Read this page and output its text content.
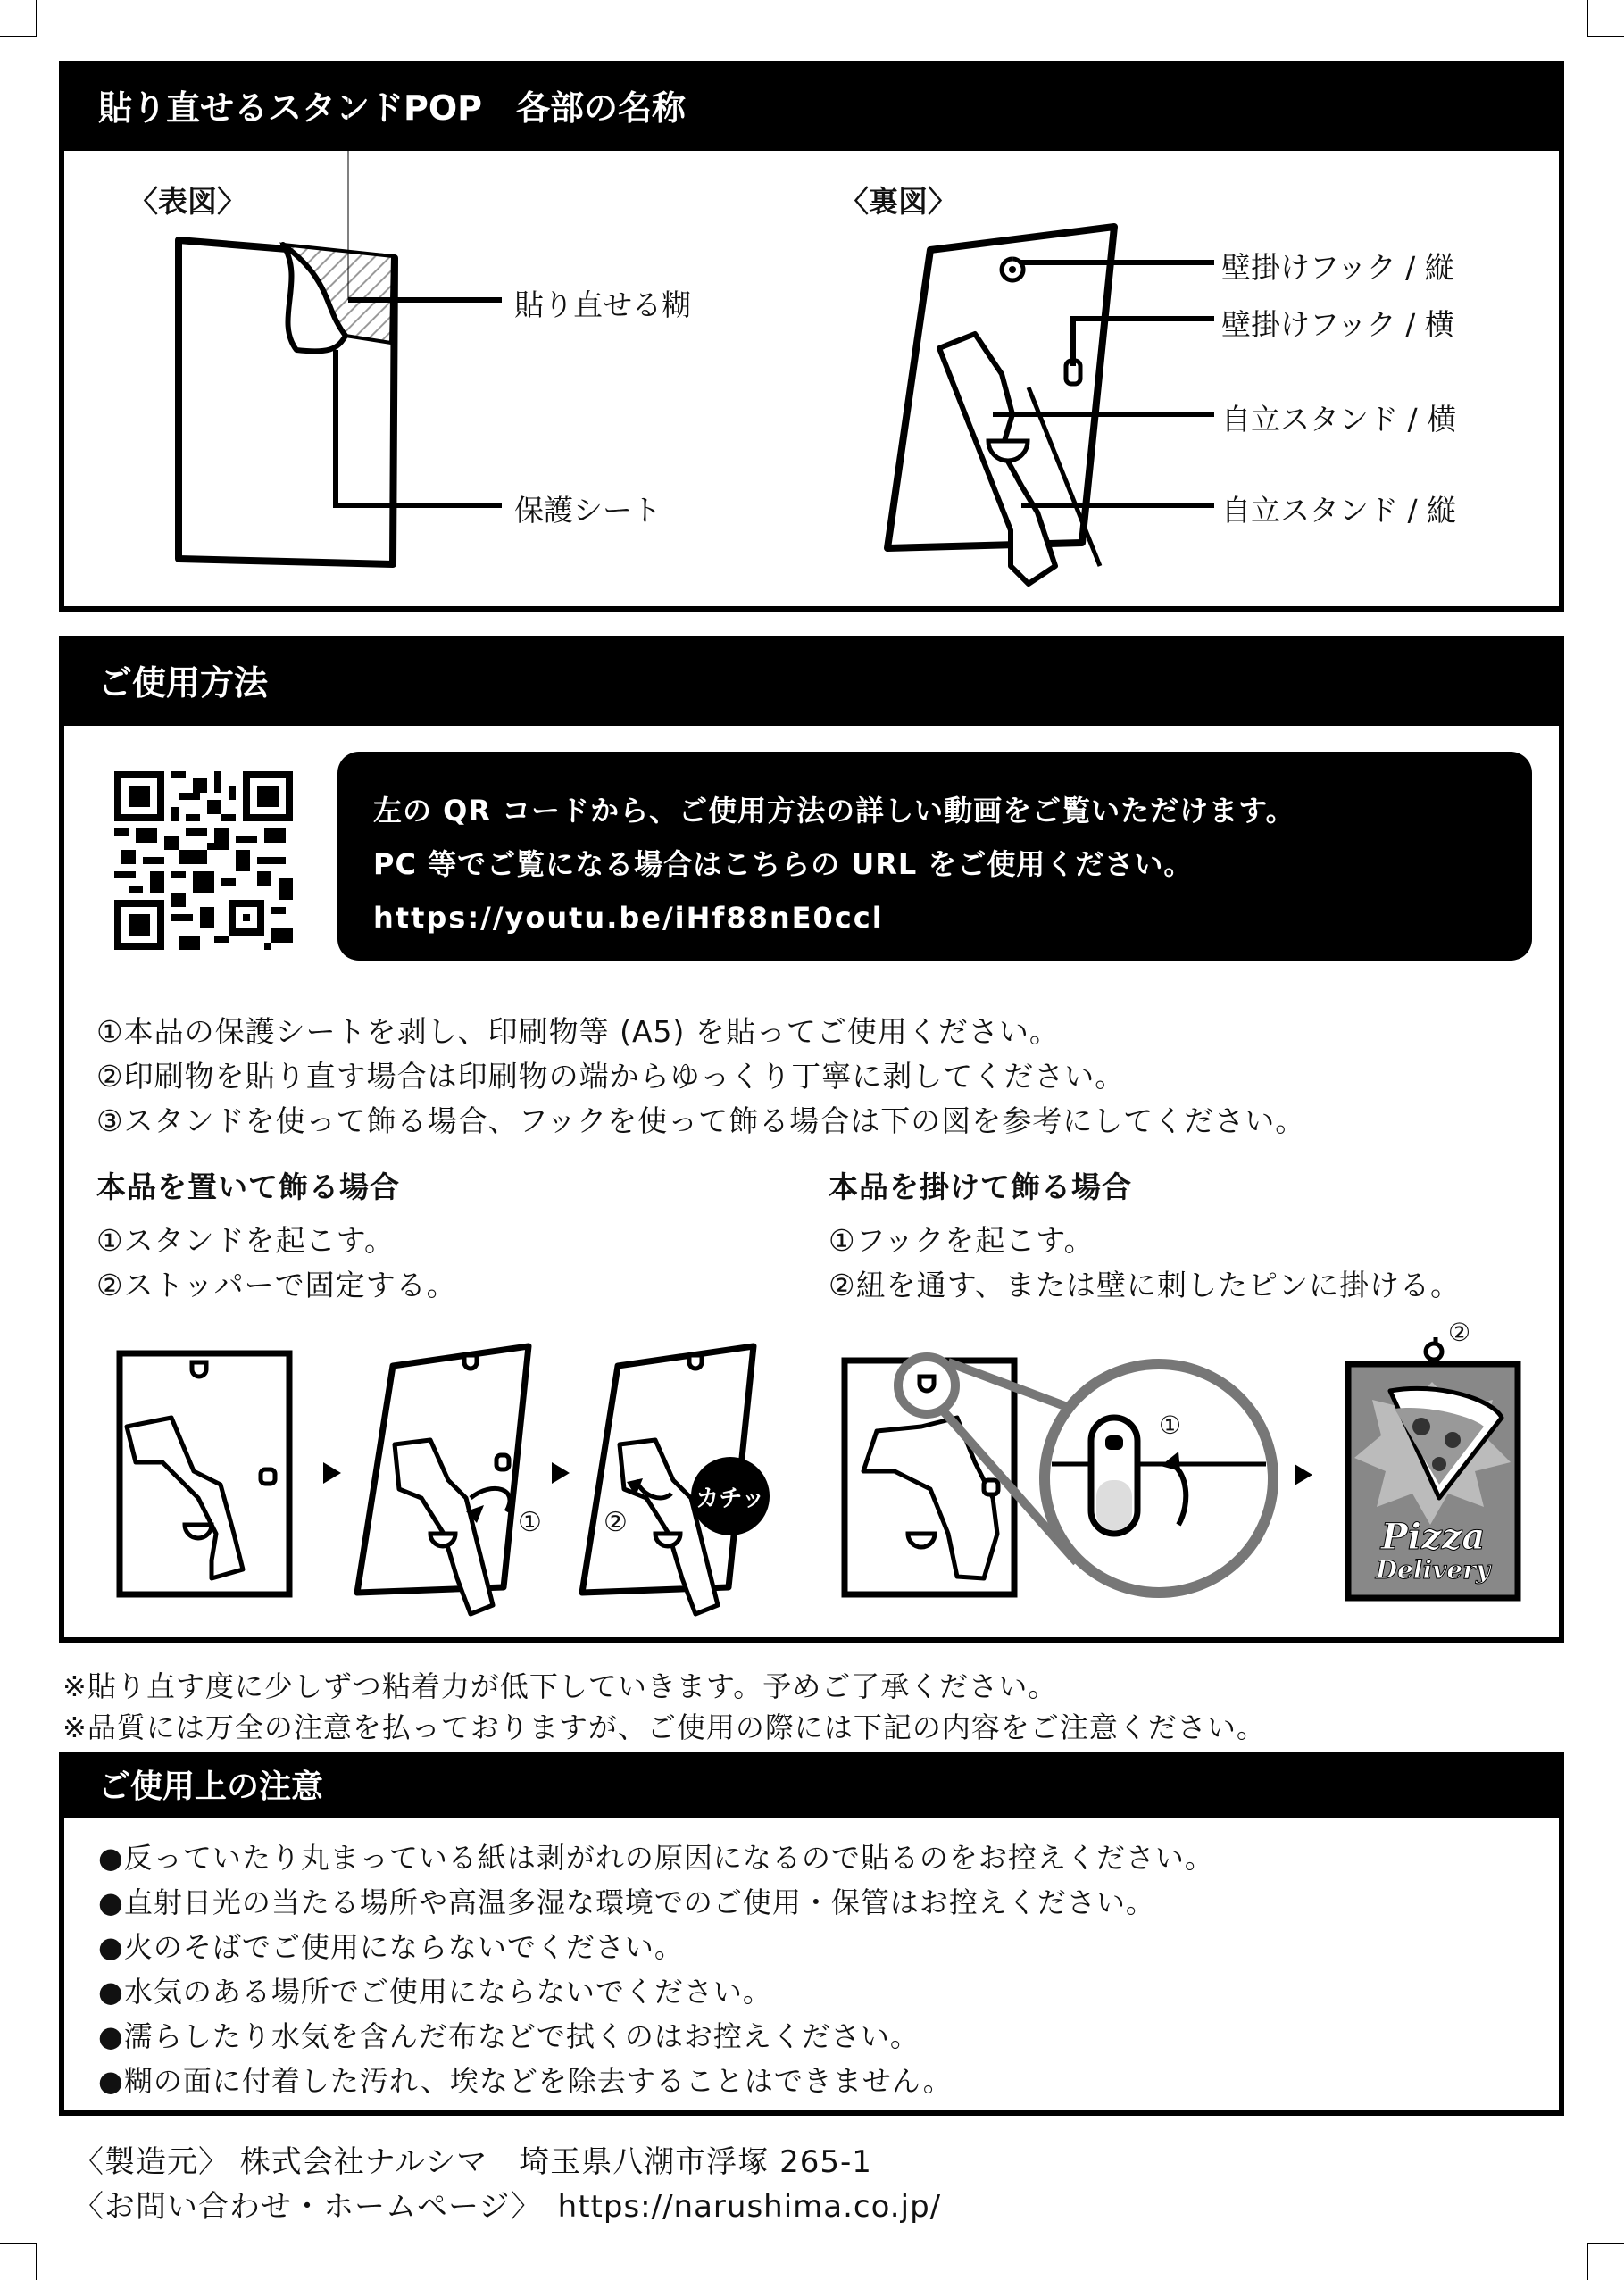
貼り直せるスタンドPOP　各部の名称
〈表図〉	〈裏図〉
貼り直せる糊
保護シート
壁掛けフック / 縦
壁掛けフック / 横
自立スタンド / 横
自立スタンド / 縦
ご使用方法
左の QR コードから、ご使用方法の詳しい動画をご覧いただけます。
PC 等でご覧になる場合はこちらの URL をご使用ください。
https://youtu.be/iHf88nE0ccl
①本品の保護シートを剥し、印刷物等 (A5) を貼ってご使用ください。
②印刷物を貼り直す場合は印刷物の端からゆっくり丁寧に剥してください。
③スタンドを使って飾る場合、フックを使って飾る場合は下の図を参考にしてください。
本品を置いて飾る場合
①スタンドを起こす。
②ストッパーで固定する。
本品を掛けて飾る場合
①フックを起こす。
②紐を通す、または壁に刺したピンに掛ける。
カチッ
① ②
①
②
Pizza
Delivery
※貼り直す度に少しずつ粘着力が低下していきます。予めご了承ください。
※品質には万全の注意を払っておりますが、ご使用の際には下記の内容をご注意ください。
ご使用上の注意
●反っていたり丸まっている紙は剥がれの原因になるので貼るのをお控えください。
●直射日光の当たる場所や高温多湿な環境でのご使用・保管はお控えください。
●火のそばでご使用にならないでください。
●水気のある場所でご使用にならないでください。
●濡らしたり水気を含んだ布などで拭くのはお控えください。
●糊の面に付着した汚れ、埃などを除去することはできません。
〈製造元〉 株式会社ナルシマ　埼玉県八潮市浮塚 265-1
〈お問い合わせ・ホームページ〉　https://narushima.co.jp/
